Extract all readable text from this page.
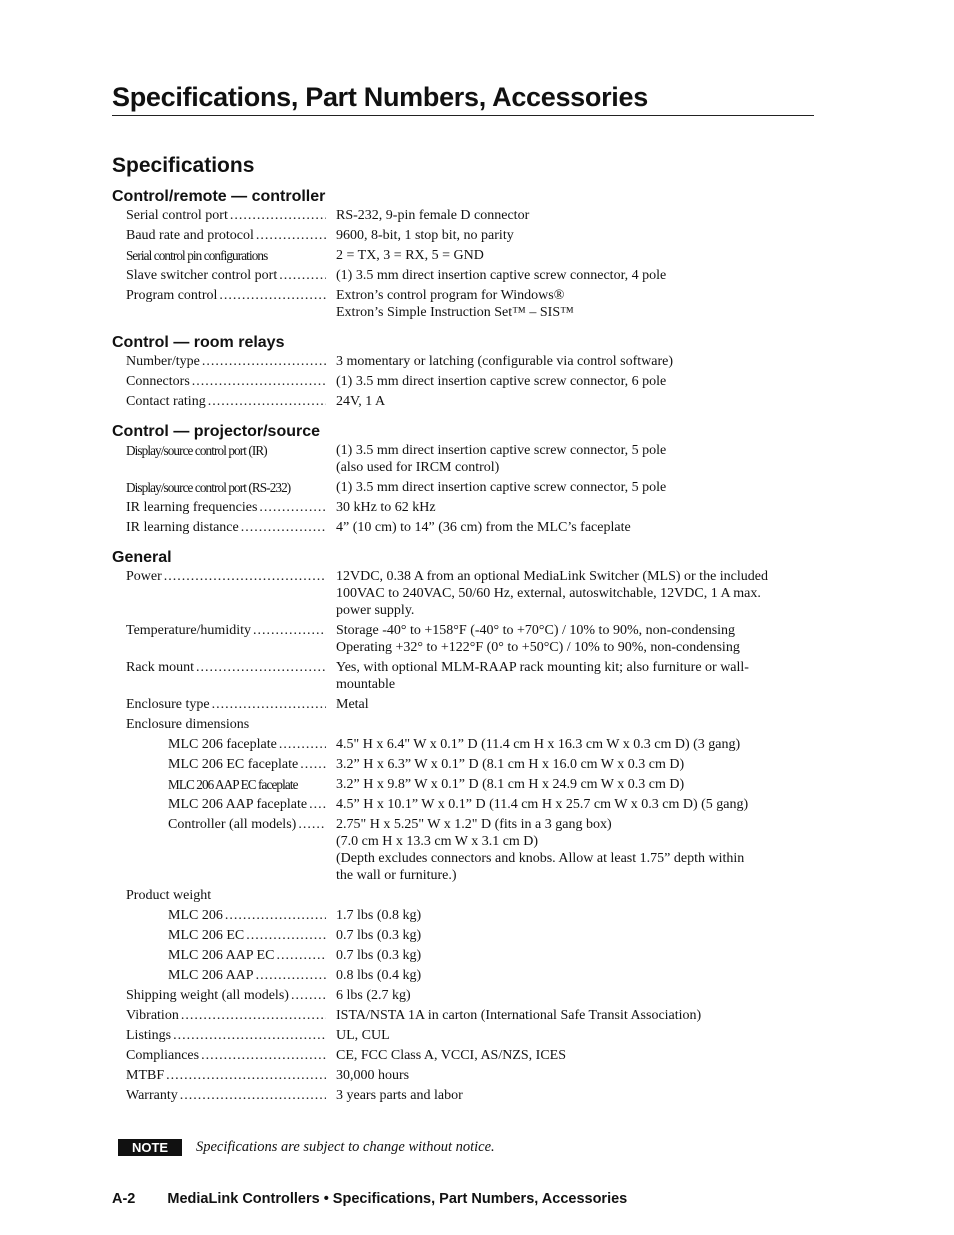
Specifications, Part Numbers, Accessories
Specifications
Control/remote — controller
Serial control port
.....	RS-232, 9-pin female D connector

Baud rate and protocol
.....	9600, 8-bit, 1 stop bit, no parity

Serial control pin configurations	2 = TX, 3 = RX, 5 = GND

Slave switcher control port
.....	(1) 3.5 mm direct insertion captive screw connector, 4 pole

Program control
.....	Extron’s control program for Windows®
Extron’s Simple Instruction Set™ – SIS™
Control — room relays
Number/type
.....	3 momentary or latching (configurable via control software)

Connectors
.....	(1) 3.5 mm direct insertion captive screw connector, 6 pole

Contact rating
.....	24V, 1 A
Control — projector/source
Display/source control port (IR)	(1) 3.5 mm direct insertion captive screw connector, 5 pole
(also used for IRCM control)

Display/source control port (RS-232)	(1) 3.5 mm direct insertion captive screw connector, 5 pole

IR learning frequencies
.....	30 kHz to 62 kHz

IR learning distance
.....	4” (10 cm) to 14” (36 cm) from the MLC’s faceplate
General
Power
.....	12VDC, 0.38 A from an optional MediaLink Switcher (MLS) or the included
100VAC to 240VAC, 50/60 Hz, external, autoswitchable, 12VDC, 1 A max.
power supply.

Temperature/humidity
.....	Storage -40° to +158°F (-40° to +70°C) / 10% to 90%, non-condensing
Operating +32° to +122°F (0° to +50°C) / 10% to 90%, non-condensing

Rack mount
.....	Yes, with optional MLM-RAAP rack mounting kit; also furniture or wall-
mountable

Enclosure type
.....	Metal

Enclosure dimensions	

MLC 206 faceplate
.....	4.5" H x 6.4" W x 0.1” D (11.4 cm H x 16.3 cm W x 0.3 cm D) (3 gang)

MLC 206 EC faceplate
.....	3.2” H x 6.3” W x 0.1” D (8.1 cm H x 16.0 cm W x 0.3 cm D)

MLC 206 AAP EC faceplate	3.2” H x 9.8” W x 0.1” D (8.1 cm H x 24.9 cm W x 0.3 cm D)

MLC 206 AAP faceplate
.....	4.5” H x 10.1” W x 0.1” D (11.4 cm H x 25.7 cm W x 0.3 cm D) (5 gang)

Controller (all models)
.....	2.75" H x 5.25" W x 1.2" D (fits in a 3 gang box)
(7.0 cm H x 13.3 cm W x 3.1 cm D)
(Depth excludes connectors and knobs. Allow at least 1.75” depth within
the wall or furniture.)

Product weight	

MLC 206
.....	1.7 lbs (0.8 kg)

MLC 206 EC
.....	0.7 lbs (0.3 kg)

MLC 206 AAP EC
.....	0.7 lbs (0.3 kg)

MLC 206 AAP
.....	0.8 lbs (0.4 kg)

Shipping weight (all models)
.....	6 lbs (2.7 kg)

Vibration
.....	ISTA/NSTA 1A in carton (International Safe Transit Association)

Listings
.....	UL, CUL

Compliances
.....	CE, FCC Class A, VCCI, AS/NZS, ICES

MTBF
.....	30,000 hours

Warranty
.....	3 years parts and labor
NOTE	Specifications are subject to change without notice.
A-2 MediaLink Controllers • Specifications, Part Numbers, Accessories
